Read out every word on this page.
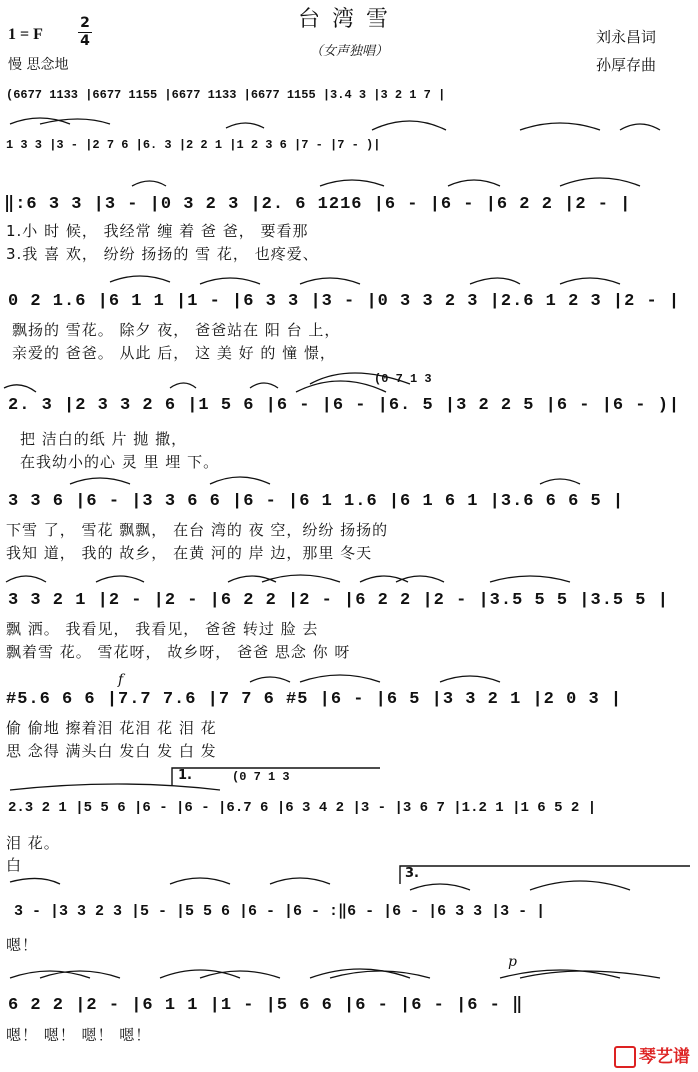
台湾雪
（女声独唱）
1 = F
2
4
慢 思念地
刘永昌词
孙厚存曲
(6677 1133 |6677 1155 |6677 1133 |6677 1155 |3.4 3 |3 2 1 7 |
1 3 3 |3 - |2 7 6 |6. 3 |2 2 1 |1 2 3 6 |7 - |7 - )|
‖:6 3 3 |3 - |0 3 2 3 |2. 6 1216 |6 - |6 - |6 2 2 |2 - |
1.小 时 候， 我经常 缠 着 爸 爸， 要看那
3.我 喜 欢， 纷纷 扬扬的 雪 花， 也疼爱、
0 2 1.6 |6 1 1 |1 - |6 3 3 |3 - |0 3 3 2 3 |2.6 1 2 3 |2 - |
飘扬的 雪花。 除夕 夜， 爸爸站在 阳 台 上，
亲爱的 爸爸。 从此 后， 这 美 好 的 憧 憬，
2. 3 |2 3 3 2 6 |1 5 6 |6 - |6 - |6. 5 |3 2 2 5 |6 - |6 - )|
把 洁白的纸 片 抛 撒，
在我幼小的心 灵 里 埋 下。
3 3 6 |6 - |3 3 6 6 |6 - |6 1 1.6 |6 1 6 1 |3.6 6 6 5 |
下雪 了， 雪花 飘飘， 在台 湾的 夜 空，纷纷 扬扬的
我知 道， 我的 故乡， 在黄 河的 岸 边，那里 冬天
3 3 2 1 |2 - |2 - |6 2 2 |2 - |6 2 2 |2 - |3.5 5 5 |3.5 5 |
飘 洒。 我看见， 我看见， 爸爸 转过 脸 去
飘着雪 花。 雪花呀， 故乡呀， 爸爸 思念 你 呀
#5.6 6 6 |7.7 7.6 |7 7 6 #5 |6 - |6 5 |3 3 2 1 |2 0 3 |
偷 偷地 擦着泪 花泪 花 泪 花
思 念得 满头白 发白 发 白 发
2.3 2 1 |5 5 6 |6 - |6 - |6.7 6 |6 3 4 2 |3 - |3 6 7 |1.2 1 |1 6 5 2 |
泪 花。
白
3 - |3 3 2 3 |5 - |5 5 6 |6 - |6 - :‖6 - |6 - |6 3 3 |3 - |
嗯！
6 2 2 |2 - |6 1 1 |1 - |5 6 6 |6 - |6 - |6 - ‖
嗯！ 嗯！ 嗯！ 嗯！
1.
3.
(0 7 1 3
(0 7 1 3
f
p
琴艺谱
